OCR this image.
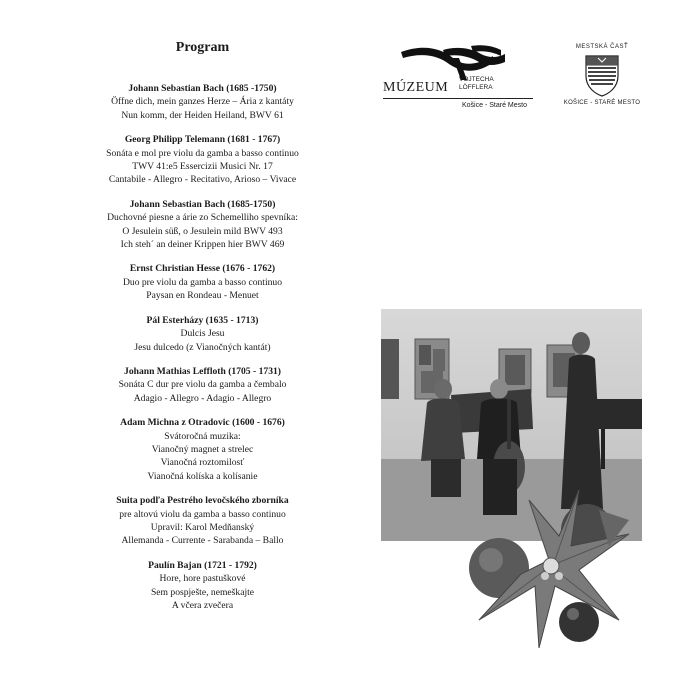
Program
Johann Sebastian Bach (1685 -1750)
Öffne dich, mein ganzes Herze – Ária z kantáty
Nun komm, der Heiden Heiland, BWV 61
Georg Philipp Telemann (1681 - 1767)
Sonáta e mol pre violu da gamba a basso continuo
TWV 41:e5 Essercizii Musici Nr. 17
Cantabile - Allegro - Recitativo, Arioso – Vivace
Johann Sebastian Bach (1685-1750)
Duchovné piesne a árie zo Schemelliho spevníka:
O Jesulein süß, o Jesulein mild BWV 493
Ich steh´ an deiner Krippen hier BWV 469
Ernst Christian Hesse (1676 - 1762)
Duo pre violu da gamba a basso continuo
Paysan en Rondeau - Menuet
Pál Esterházy (1635 - 1713)
Dulcis Jesu
Jesu dulcedo (z Vianočných kantát)
Johann Mathias Leffloth (1705 - 1731)
Sonáta C dur pre violu da gamba a čembalo
Adagio - Allegro - Adagio - Allegro
Adam Michna z Otradovic (1600 - 1676)
Svátoročná muzika:
Vianočný magnet a strelec
Vianočná roztomilosť
Vianočná kolíska a kolísanie
Suita podľa Pestrého levočského zborníka
pre altovú violu da gamba a basso continuo
Upravil: Karol Medňanský
Allemanda - Currente - Sarabanda – Ballo
Paulín Bajan (1721 - 1792)
Hore, hore pastuškové
Sem pospješte, nemeškajte
A včera zvečera
MÚZEUM
VOJTECHA
LÖFFLERA
Košice - Staré Mesto
MESTSKÁ ČASŤ
KOŠICE - STARÉ MESTO
